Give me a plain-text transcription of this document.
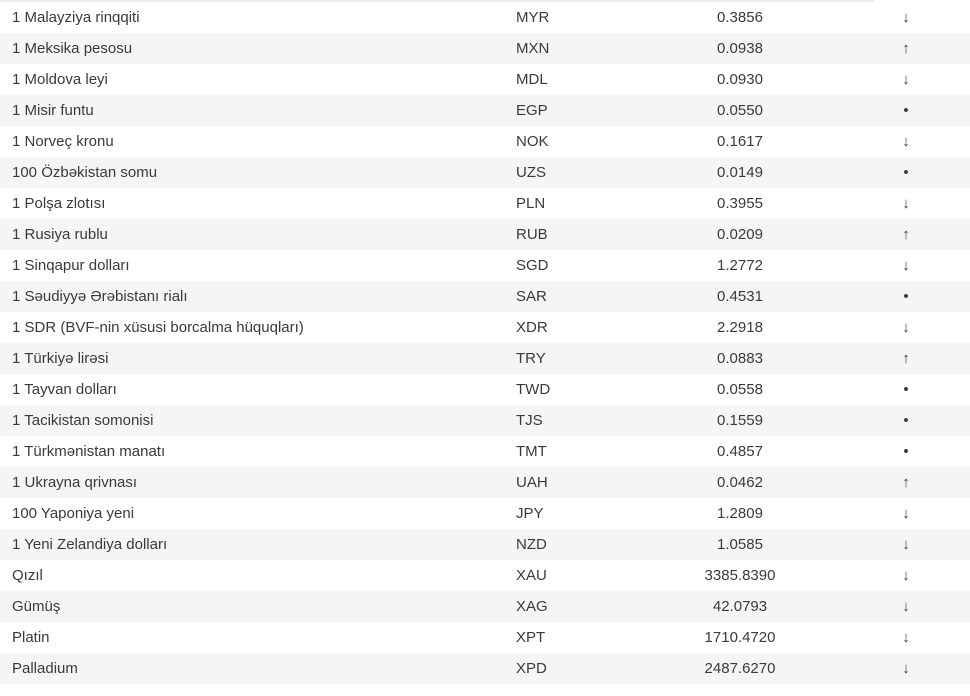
1 Malayziya rinqqiti	MYR	0.3856	↓
1 Meksika pesosu	MXN	0.0938	↑
1 Moldova leyi	MDL	0.0930	↓
1 Misir funtu	EGP	0.0550	•
1 Norveç kronu	NOK	0.1617	↓
100 Özbəkistan somu	UZS	0.0149	•
1 Polşa zlotısı	PLN	0.3955	↓
1 Rusiya rublu	RUB	0.0209	↑
1 Sinqapur dolları	SGD	1.2772	↓
1 Səudiyyə Ərəbistanı rialı	SAR	0.4531	•
1 SDR (BVF-nin xüsusi borcalma hüquqları)	XDR	2.2918	↓
1 Türkiyə lirəsi	TRY	0.0883	↑
1 Tayvan dolları	TWD	0.0558	•
1 Tacikistan somonisi	TJS	0.1559	•
1 Türkmənistan manatı	TMT	0.4857	•
1 Ukrayna qrivnası	UAH	0.0462	↑
100 Yaponiya yeni	JPY	1.2809	↓
1 Yeni Zelandiya dolları	NZD	1.0585	↓
Qızıl	XAU	3385.8390	↓
Gümüş	XAG	42.0793	↓
Platin	XPT	1710.4720	↓
Palladium	XPD	2487.6270	↓
